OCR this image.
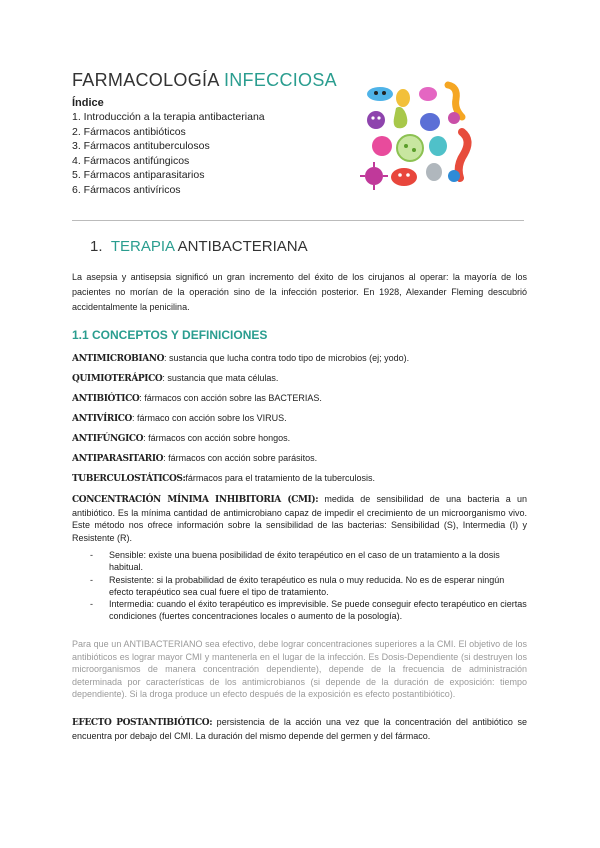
FARMACOLOGÍA INFECCIOSA
Índice
1. Introducción a la terapia antibacteriana
2. Fármacos antibióticos
3. Fármacos antituberculosos
4. Fármacos antifúngicos
5. Fármacos antiparasitarios
6. Fármacos antivíricos
1. TERAPIA ANTIBACTERIANA

La asepsia y antisepsia significó un gran incremento del éxito de los cirujanos al operar: la mayoría de los pacientes no morían de la operación sino de la infección posterior. En 1928, Alexander Fleming descubrió accidentalmente la penicilina.

1.1 CONCEPTOS Y DEFINICIONES
ANTIMICROBIANO: sustancia que lucha contra todo tipo de microbios (ej; yodo).
QUIMIOTERÁPICO: sustancia que mata células.
ANTIBIÓTICO: fármacos con acción sobre las BACTERIAS.
ANTIVÍRICO: fármaco con acción sobre los VIRUS.
ANTIFÚNGICO: fármacos con acción sobre hongos.
ANTIPARASITARIO: fármacos con acción sobre parásitos.
TUBERCULOSTÁTICOS:fármacos para el tratamiento de la tuberculosis.
CONCENTRACIÓN MÍNIMA INHIBITORIA (CMI): medida de sensibilidad de una bacteria a un antibiótico. Es la mínima cantidad de antimicrobiano capaz de impedir el crecimiento de un microorganismo vivo. Este método nos ofrece información sobre la sensibilidad de las bacterias: Sensibilidad (S), Intermedia (I) y Resistente (R).
- Sensible: existe una buena posibilidad de éxito terapéutico en el caso de un tratamiento a la dosis habitual.
- Resistente: si la probabilidad de éxito terapéutico es nula o muy reducida. No es de esperar ningún efecto terapéutico sea cual fuere el tipo de tratamiento.
- Intermedia: cuando el éxito terapéutico es imprevisible. Se puede conseguir efecto terapéutico en ciertas condiciones (fuertes concentraciones locales o aumento de la posología).

Para que un ANTIBACTERIANO sea efectivo, debe lograr concentraciones superiores a la CMI. El objetivo de los antibióticos es lograr mayor CMI y mantenerla en el lugar de la infección. Es Dosis-Dependiente (si destruyen los microorganismos de manera concentración dependiente), depende de la frecuencia de administración determinada por características de los antimicrobianos (si depende de la duración de exposición: tiempo dependiente). Si la droga produce un efecto después de la exposición es efecto postantibiótico).

EFECTO POSTANTIBIÓTICO: persistencia de la acción una vez que la concentración del antibiótico se encuentra por debajo del CMI. La duración del mismo depende del germen y del fármaco.
